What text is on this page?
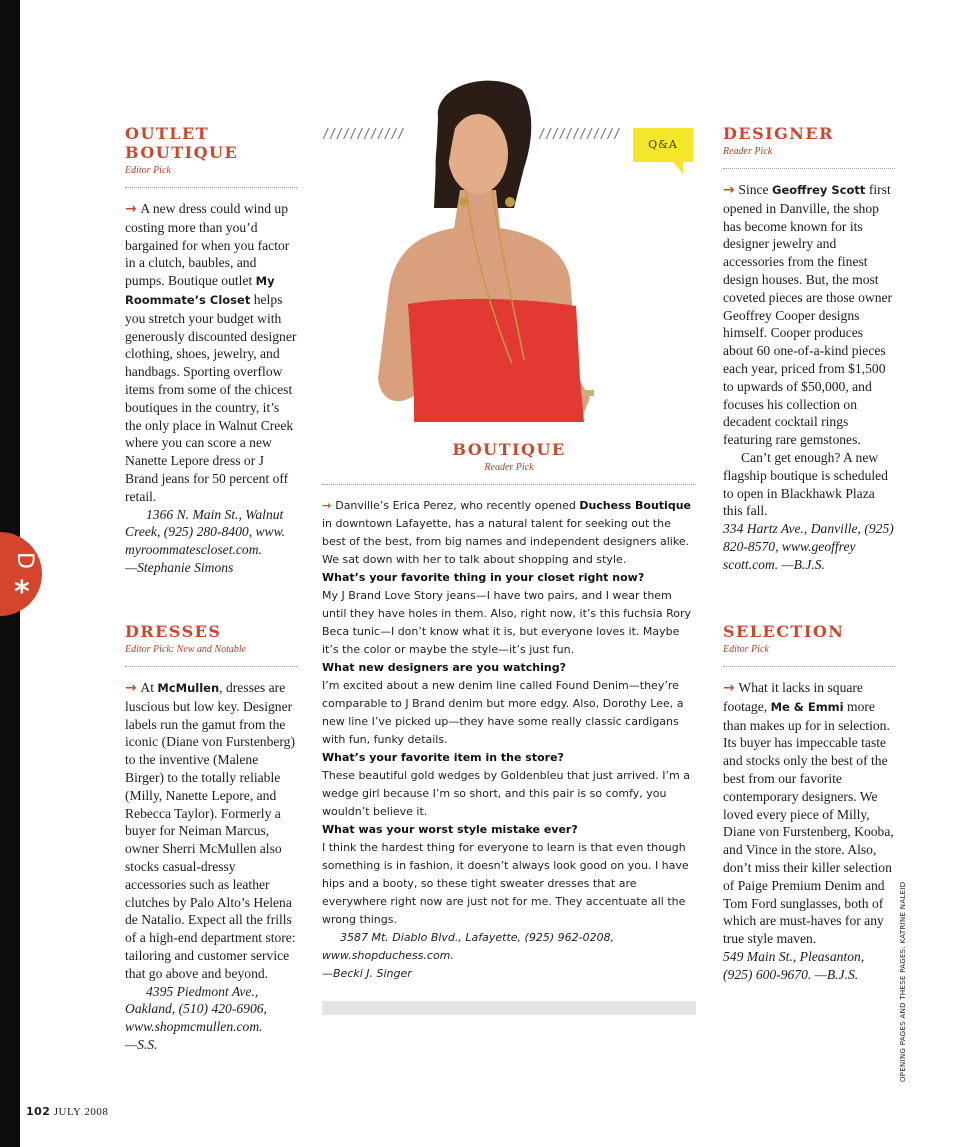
D
*
OUTLET
BOUTIQUE
Editor Pick

→ A new dress could wind up costing more than you’d bargained for when you factor in a clutch, baubles, and pumps. Boutique outlet My Roommate’s Closet helps you stretch your budget with generously discounted designer clothing, shoes, jewelry, and handbags. Sporting overflow items from some of the chicest boutiques in the country, it’s the only place in Walnut Creek where you can score a new Nanette Lepore dress or J Brand jeans for 50 percent off retail.

1366 N. Main St., Walnut Creek, (925) 280-8400, www. myroommatescloset.com.

—Stephanie Simons

DRESSES
Editor Pick: New and Notable

→ At McMullen, dresses are luscious but low key. Designer labels run the gamut from the iconic (Diane von Furstenberg) to the inventive (Malene Birger) to the totally reliable (Milly, Nanette Lepore, and Rebecca Taylor). Formerly a buyer for Neiman Marcus, owner Sherri McMullen also stocks casual-dressy accessories such as leather clutches by Palo Alto’s Helena de Natalio. Expect all the frills of a high-end department store: tailoring and customer service that go above and beyond.

4395 Piedmont Ave., Oakland, (510) 420-6906, www.shopmcmullen.com.

—S.S.

////////////	////////////
Q&A
BOUTIQUE
Reader Pick
→ Danville’s Erica Perez, who recently opened Duchess Boutique in downtown Lafayette, has a natural talent for seeking out the best of the best, from big names and independent designers alike. We sat down with her to talk about shopping and style.
What’s your favorite thing in your closet right now?
My J Brand Love Story jeans—I have two pairs, and I wear them until they have holes in them. Also, right now, it’s this fuchsia Rory Beca tunic—I don’t know what it is, but everyone loves it. Maybe it’s the color or maybe the style—it’s just fun.
What new designers are you watching?
I’m excited about a new denim line called Found Denim—they’re comparable to J Brand denim but more edgy. Also, Dorothy Lee, a new line I’ve picked up—they have some really classic cardigans with fun, funky details.
What’s your favorite item in the store?
These beautiful gold wedges by Goldenbleu that just arrived. I’m a wedge girl because I’m so short, and this pair is so comfy, you wouldn’t believe it.
What was your worst style mistake ever?
I think the hardest thing for everyone to learn is that even though something is in fashion, it doesn’t always look good on you. I have hips and a booty, so these tight sweater dresses that are everywhere right now are just not for me. They accentuate all the wrong things.
3587 Mt. Diablo Blvd., Lafayette, (925) 962-0208, www.shopduchess.com.
—Becki J. Singer
DESIGNER
Reader Pick

→ Since Geoffrey Scott first opened in Danville, the shop has become known for its designer jewelry and accessories from the finest design houses. But, the most coveted pieces are those owner Geoffrey Cooper designs himself. Cooper produces about 60 one-of-a-kind pieces each year, priced from $1,500 to upwards of $50,000, and focuses his collection on decadent cocktail rings featuring rare gemstones.

Can’t get enough? A new flagship boutique is scheduled to open in Blackhawk Plaza this fall.

334 Hartz Ave., Danville, (925) 820-8570, www.geoffrey scott.com. —B.J.S.
SELECTION
Editor Pick

→ What it lacks in square footage, Me & Emmi more than makes up for in selection. Its buyer has impeccable taste and stocks only the best of the best from our favorite contemporary designers. We loved every piece of Milly, Diane von Furstenberg, Kooba, and Vince in the store. Also, don’t miss their killer selection of Paige Premium Denim and Tom Ford sunglasses, both of which are must-haves for any true style maven.

549 Main St., Pleasanton, (925) 600-9670. —B.J.S.
102 JULY 2008
OPENING PAGES AND THESE PAGES: KATRINE NALEID
